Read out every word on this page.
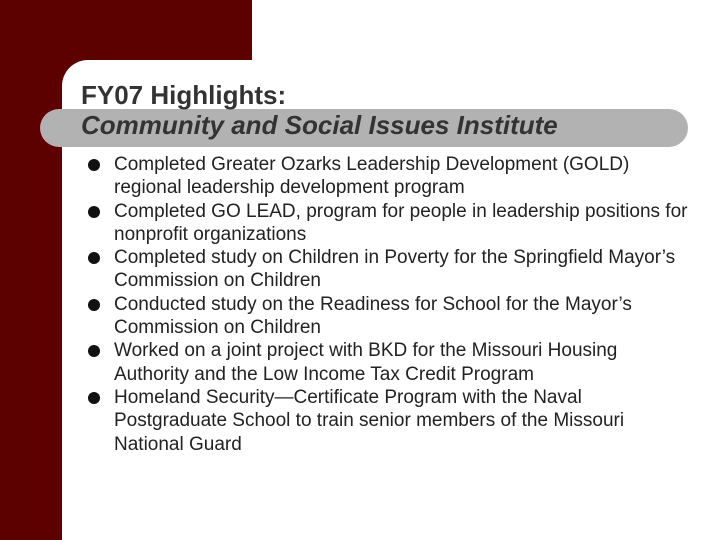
FY07 Highlights:

Community and Social Issues Institute

Completed Greater Ozarks Leadership Development (GOLD) regional leadership development program
Completed GO LEAD, program for people in leadership positions for nonprofit organizations
Completed study on Children in Poverty for the Springfield Mayor’s Commission on Children
Conducted study on the Readiness for School for the Mayor’s Commission on Children
Worked on a joint project with BKD for the Missouri Housing Authority and the Low Income Tax Credit Program
Homeland Security—Certificate Program with the Naval Postgraduate School to train senior members of the Missouri National Guard
